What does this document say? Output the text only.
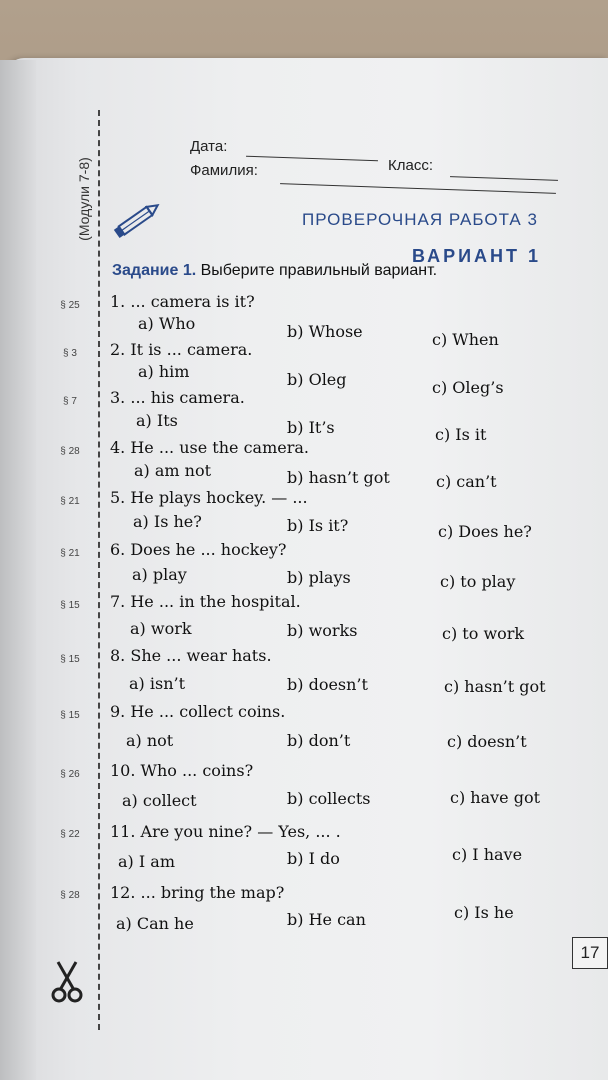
(Модули 7-8)
Дата:
Класс:
Фамилия:
ПРОВЕРОЧНАЯ РАБОТА 3
ВАРИАНТ 1
Задание 1. Выберите правильный вариант.
§ 25	1. ... camera is it?
a) Who	b) Whose	c) When
§ 3	2. It is ... camera.
a) him	b) Oleg	c) Oleg’s
§ 7	3. ... his camera.
a) Its	b) It’s	c) Is it
§ 28	4. He ... use the camera.
a) am not	b) hasn’t got	c) can’t
§ 21	5. He plays hockey. — ...
a) Is he?	b) Is it?	c) Does he?
§ 21	6. Does he ... hockey?
a) play	b) plays	c) to play
§ 15	7. He ... in the hospital.
a) work	b) works	c) to work
§ 15	8. She ... wear hats.
a) isn’t	b) doesn’t	c) hasn’t got
§ 15	9. He ... collect coins.
a) not	b) don’t	c) doesn’t
§ 26	10. Who ... coins?
a) collect	b) collects	c) have got
§ 22	11. Are you nine? — Yes, ... .
a) I am	b) I do	c) I have
§ 28	12. ... bring the map?
a) Can he	b) He can	c) Is he
17
